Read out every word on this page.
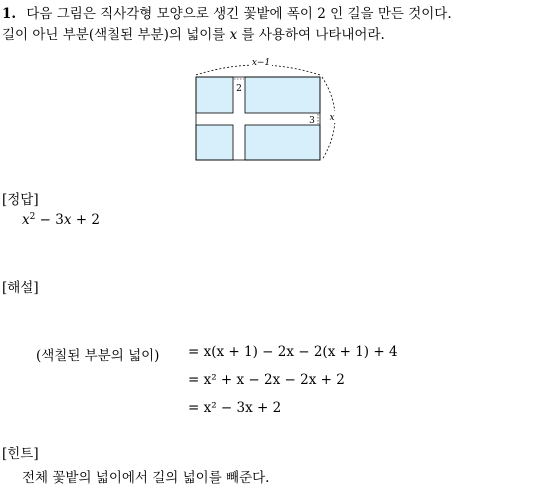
1. 다음 그림은 직사각형 모양으로 생긴 꽃밭에 폭이 2 인 길을 만든 것이다.
길이 아닌 부분(색칠된 부분)의 넓이를 x 를 사용하여 나타내어라.
x−1
x
2
3
[정답]
$x^2 - 3x + 2$
[해설]
(색칠된 부분의 넓이) = x(x + 1) − 2x − 2(x + 1) + 4
= x² + x − 2x − 2x + 2
= x² − 3x + 2
[힌트]
전체 꽃밭의 넓이에서 길의 넓이를 빼준다.
